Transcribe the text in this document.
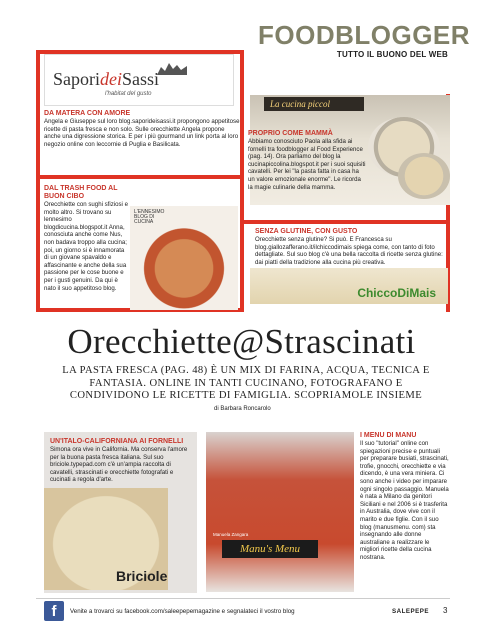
FOODBLOGGER
TUTTO IL BUONO DEL WEB
SaporideiSassi
l'habitat del gusto
DA MATERA CON AMORE
Angela e Giuseppe sul loro blog.saporideisassi.it propongono appetitose ricette di pasta fresca e non solo. Sulle orecchiette Angela propone anche una digressione storica. E per i più gourmand un link porta al loro negozio online con leccornie di Puglia e Basilicata.
DAL TRASH FOOD AL BUON CIBO
Orecchiette con sughi sfiziosi e molto altro. Si trovano su lennesimo blogdicucina.blogspot.it Anna, conosciuta anche come Nus, non badava troppo alla cucina; poi, un giorno si è innamorata di un giovane spavaldo e affascinante e anche della sua passione per le cose buone e per i gusti genuini. Da qui è nato il suo appetitoso blog.
L'ENNESIMO BLOG DI CUCINA
La cucina piccol
PROPRIO COME MAMMÀ
Abbiamo conosciuto Paola alla sfida ai fornelli tra foodblogger al Food Experience (pag. 14). Ora parliamo del blog la cucinapiccolina.blogspot.it per i suoi squisiti cavatelli. Per lei "la pasta fatta in casa ha un valore emozionale enorme". Le ricorda la magie culinarie della mamma.
SENZA GLUTINE, CON GUSTO
Orecchiette senza glutine? Si può. E Francesca su blog.giallozafferano.it/ilchiccodimais spiega come, con tanto di foto dettagliate. Sul suo blog c'è una bella raccolta di ricette senza glutine: dai piatti della tradizione alla cucina più creativa.
ChiccoDiMais
Orecchiette@Strascinati
LA PASTA FRESCA (PAG. 48) È UN MIX DI FARINA, ACQUA, TECNICA E FANTASIA. ONLINE IN TANTI CUCINANO, FOTOGRAFANO E CONDIVIDONO LE RICETTE DI FAMIGLIA. SCOPRIAMOLE INSIEME
di Barbara Roncarolo
UN'ITALO-CALIFORNIANA AI FORNELLI
Simona ora vive in California. Ma conserva l'amore per la buona pasta fresca italiana. Sul suo briciole.typepad.com c'è un'ampia raccolta di cavatelli, strascinati e orecchiette fotografati e cucinati a regola d'arte.
Briciole
Manuela Zangara
Manu's Menu
I MENU DI MANU
Il suo "tutorial" online con spiegazioni precise e puntuali per preparare busiati, strascinati, trofie, gnocchi, orecchiette e via dicendo, è una vera miniera. Ci sono anche i video per imparare ogni singolo passaggio. Manuela è nata a Milano da genitori Siciliani e nel 2006 si è trasferita in Australia, dove vive con il marito e due figlie. Con il suo blog (manusmenu. com) sta insegnando alle donne australiane a realizzare le migliori ricette della cucina nostrana.
f	Venite a trovarci su facebook.com/saleepepemagazine e segnalateci il vostro blog	SALEPEPE 3
